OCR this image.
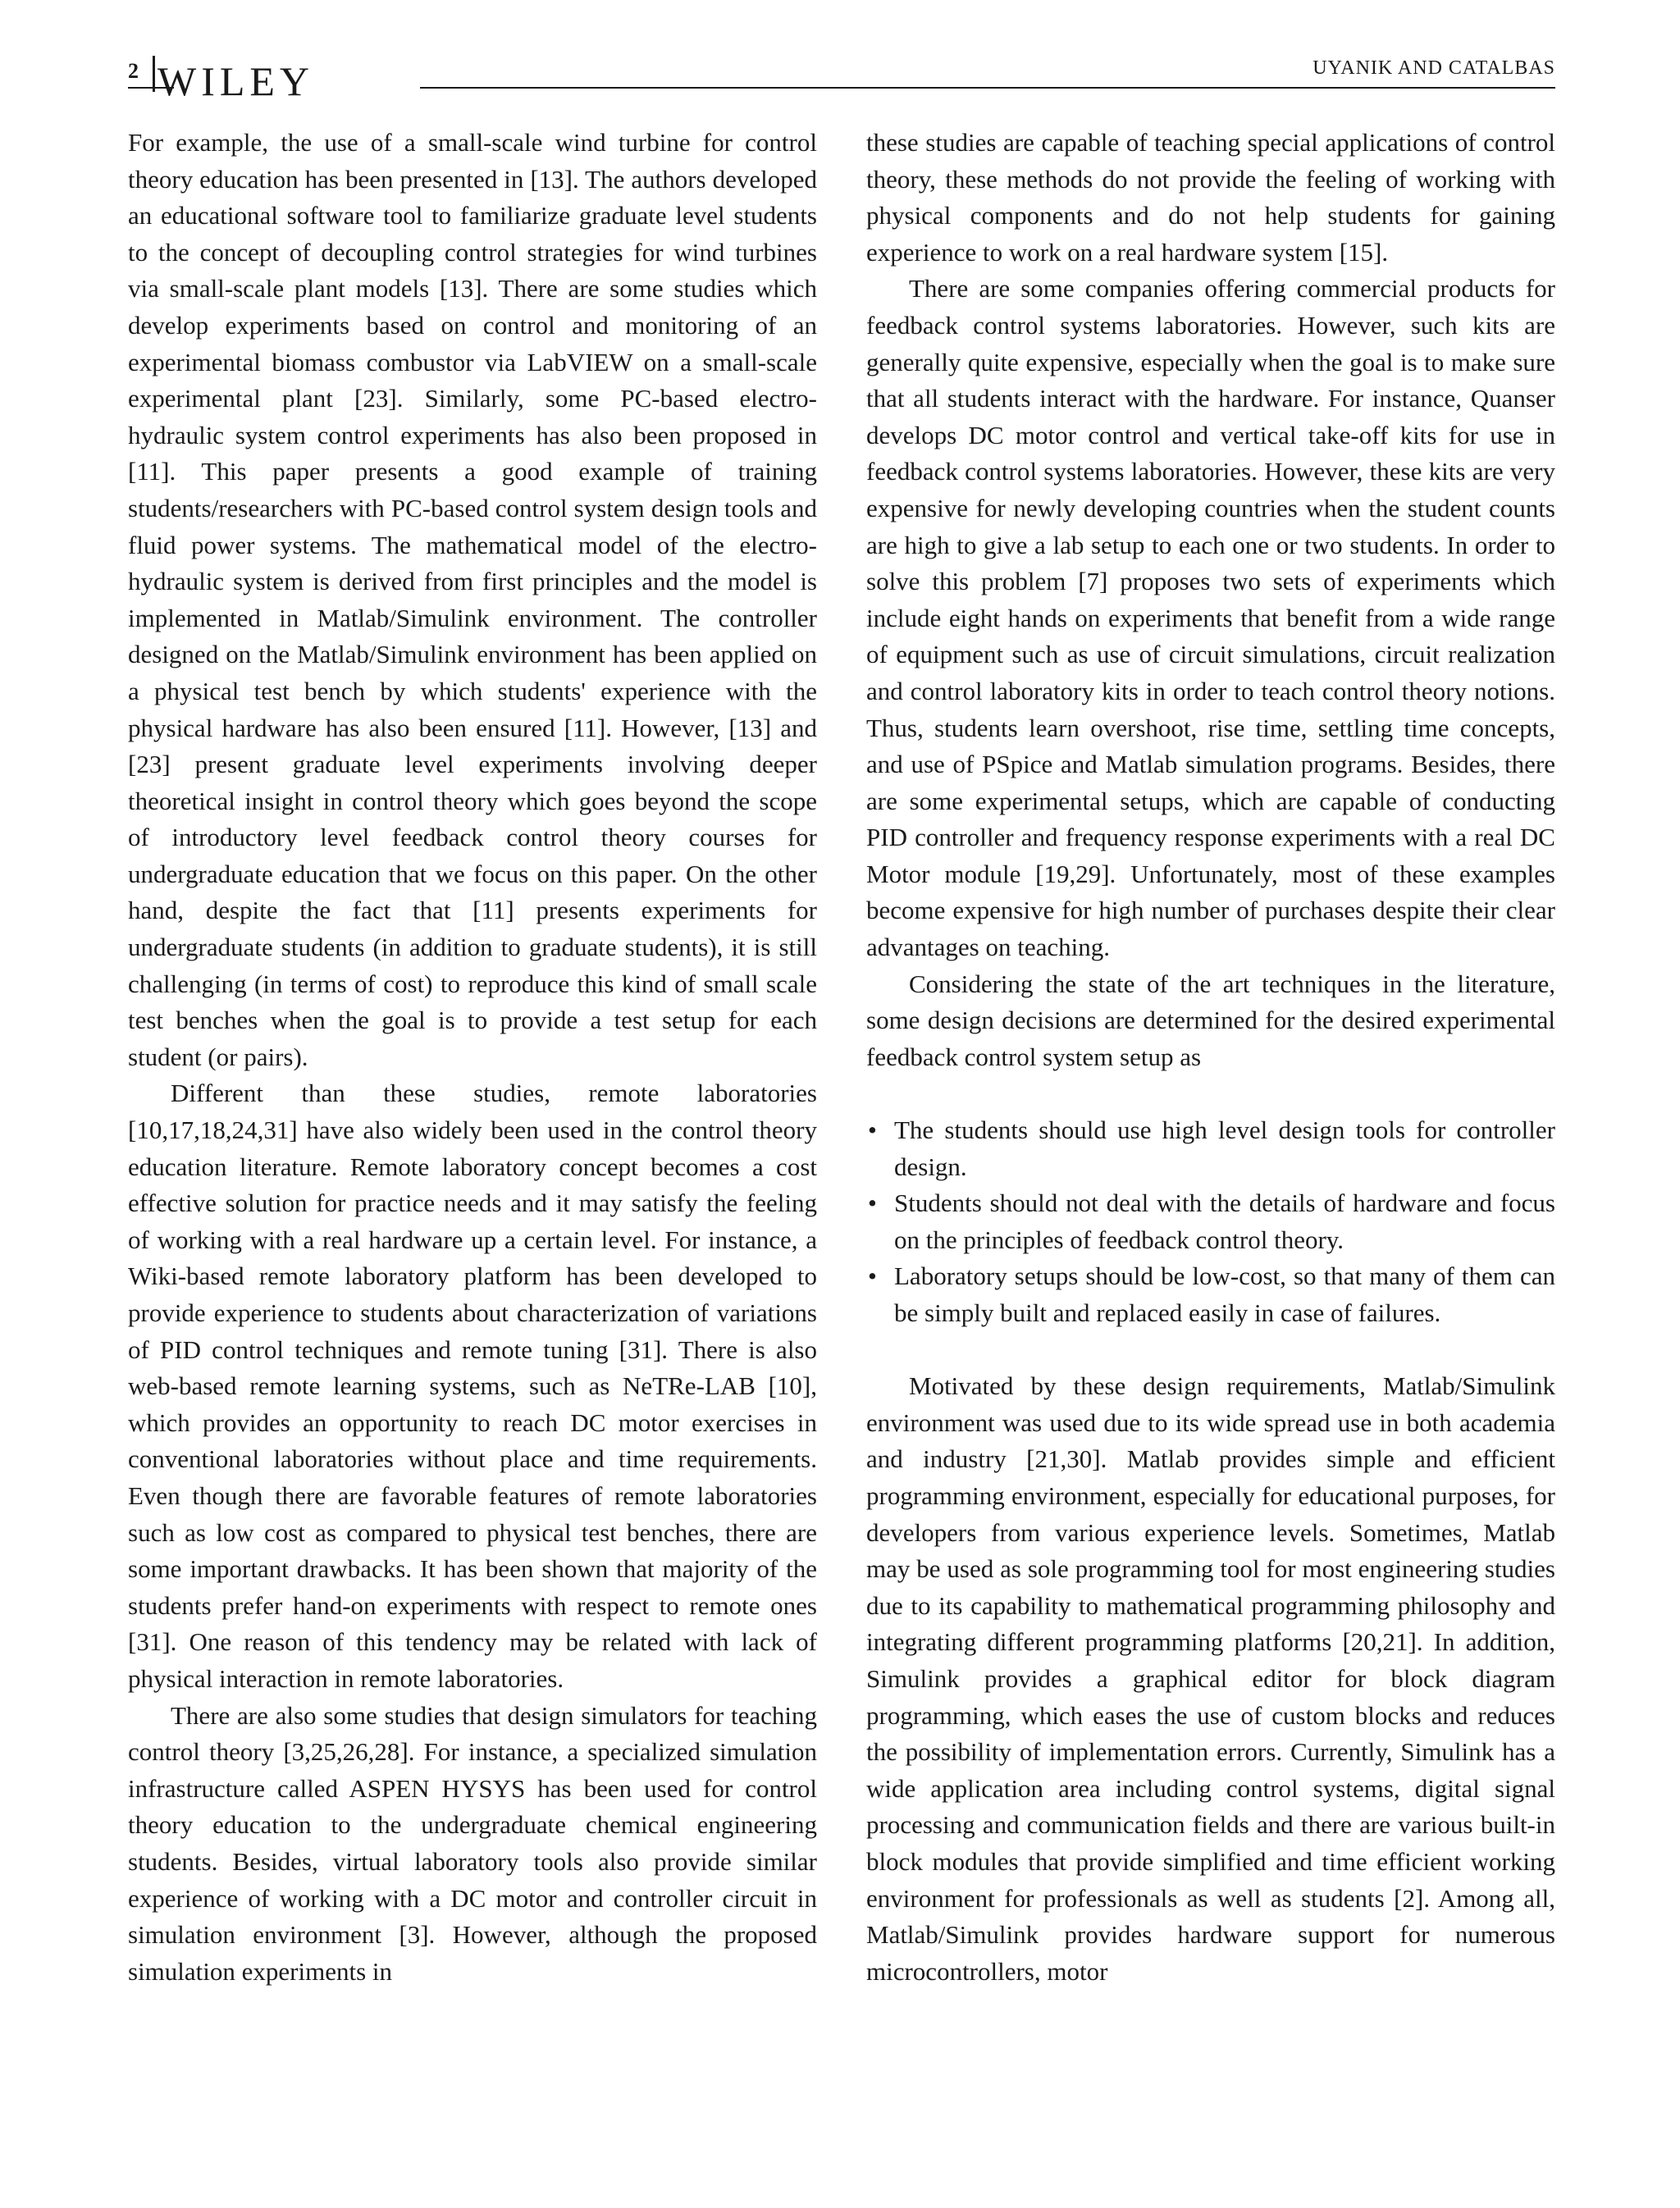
2 WILEY	UYANIK AND CATALBAS

For example, the use of a small-scale wind turbine for control theory education has been presented in [13]. The authors developed an educational software tool to familiarize graduate level students to the concept of decoupling control strategies for wind turbines via small-scale plant models [13]. There are some studies which develop experiments based on control and monitoring of an experimental biomass combustor via LabVIEW on a small-scale experimental plant [23]. Similarly, some PC-based electro-hydraulic system control experiments has also been proposed in [11]. This paper presents a good example of training students/researchers with PC-based control system design tools and fluid power systems. The mathematical model of the electro-hydraulic system is derived from first principles and the model is implemented in Matlab/Simulink environment. The controller designed on the Matlab/Simulink environment has been applied on a physical test bench by which students' experience with the physical hardware has also been ensured [11]. However, [13] and [23] present graduate level experiments involving deeper theoretical insight in control theory which goes beyond the scope of introductory level feedback control theory courses for undergraduate education that we focus on this paper. On the other hand, despite the fact that [11] presents experiments for undergraduate students (in addition to graduate students), it is still challenging (in terms of cost) to reproduce this kind of small scale test benches when the goal is to provide a test setup for each student (or pairs).

Different than these studies, remote laboratories [10,17,18,24,31] have also widely been used in the control theory education literature. Remote laboratory concept becomes a cost effective solution for practice needs and it may satisfy the feeling of working with a real hardware up a certain level. For instance, a Wiki-based remote laboratory platform has been developed to provide experience to students about characterization of variations of PID control techniques and remote tuning [31]. There is also web-based remote learning systems, such as NeTRe-LAB [10], which provides an opportunity to reach DC motor exercises in conventional laboratories without place and time requirements. Even though there are favorable features of remote laboratories such as low cost as compared to physical test benches, there are some important drawbacks. It has been shown that majority of the students prefer hand-on experiments with respect to remote ones [31]. One reason of this tendency may be related with lack of physical interaction in remote laboratories.

There are also some studies that design simulators for teaching control theory [3,25,26,28]. For instance, a specialized simulation infrastructure called ASPEN HYSYS has been used for control theory education to the undergraduate chemical engineering students. Besides, virtual laboratory tools also provide similar experience of working with a DC motor and controller circuit in simulation environment [3]. However, although the proposed simulation experiments in

these studies are capable of teaching special applications of control theory, these methods do not provide the feeling of working with physical components and do not help students for gaining experience to work on a real hardware system [15].

There are some companies offering commercial products for feedback control systems laboratories. However, such kits are generally quite expensive, especially when the goal is to make sure that all students interact with the hardware. For instance, Quanser develops DC motor control and vertical take-off kits for use in feedback control systems laboratories. However, these kits are very expensive for newly developing countries when the student counts are high to give a lab setup to each one or two students. In order to solve this problem [7] proposes two sets of experiments which include eight hands on experiments that benefit from a wide range of equipment such as use of circuit simulations, circuit realization and control laboratory kits in order to teach control theory notions. Thus, students learn overshoot, rise time, settling time concepts, and use of PSpice and Matlab simulation programs. Besides, there are some experimental setups, which are capable of conducting PID controller and frequency response experiments with a real DC Motor module [19,29]. Unfortunately, most of these examples become expensive for high number of purchases despite their clear advantages on teaching.

Considering the state of the art techniques in the literature, some design decisions are determined for the desired experimental feedback control system setup as

• The students should use high level design tools for controller design.
• Students should not deal with the details of hardware and focus on the principles of feedback control theory.
• Laboratory setups should be low-cost, so that many of them can be simply built and replaced easily in case of failures.

Motivated by these design requirements, Matlab/Simulink environment was used due to its wide spread use in both academia and industry [21,30]. Matlab provides simple and efficient programming environment, especially for educational purposes, for developers from various experience levels. Sometimes, Matlab may be used as sole programming tool for most engineering studies due to its capability to mathematical programming philosophy and integrating different programming platforms [20,21]. In addition, Simulink provides a graphical editor for block diagram programming, which eases the use of custom blocks and reduces the possibility of implementation errors. Currently, Simulink has a wide application area including control systems, digital signal processing and communication fields and there are various built-in block modules that provide simplified and time efficient working environment for professionals as well as students [2]. Among all, Matlab/Simulink provides hardware support for numerous microcontrollers, motor
